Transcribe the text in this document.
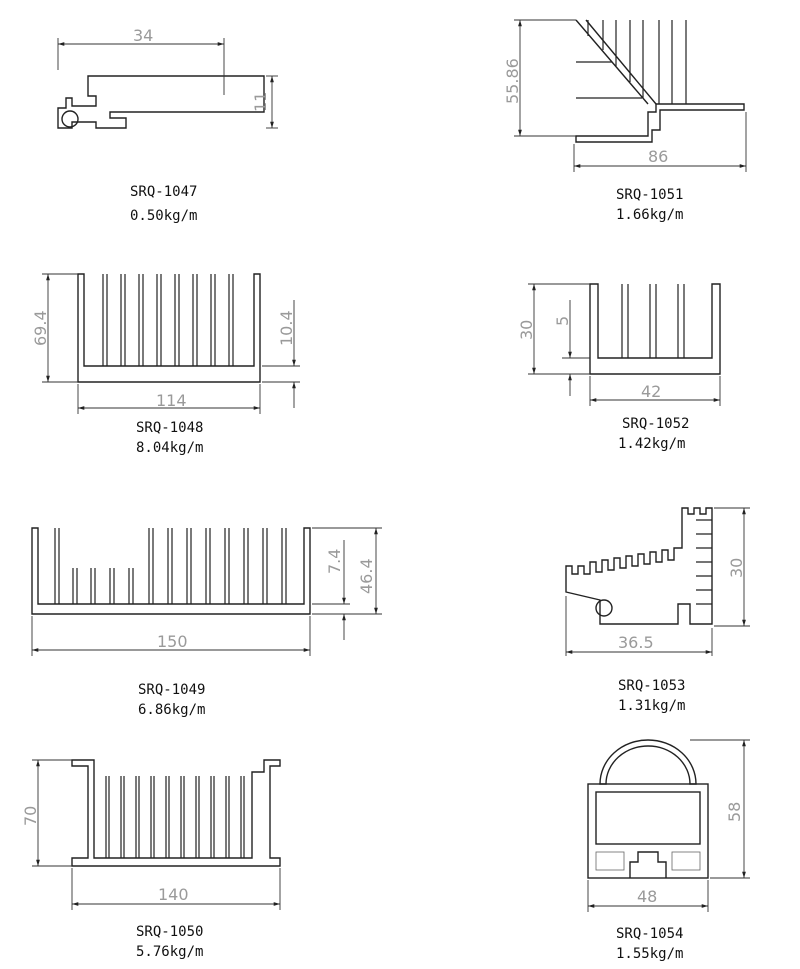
34
11
SRQ-1047
0.50kg/m
55.86
86
SRQ-1051
1.66kg/m
69.4	10.4
114
SRQ-1048
8.04kg/m
30 5
42
SRQ-1052
1.42kg/m
46.4
7.4
150
SRQ-1049
6.86kg/m
30
36.5
SRQ-1053
1.31kg/m
70
140
SRQ-1050
5.76kg/m
58
48
SRQ-1054
1.55kg/m
